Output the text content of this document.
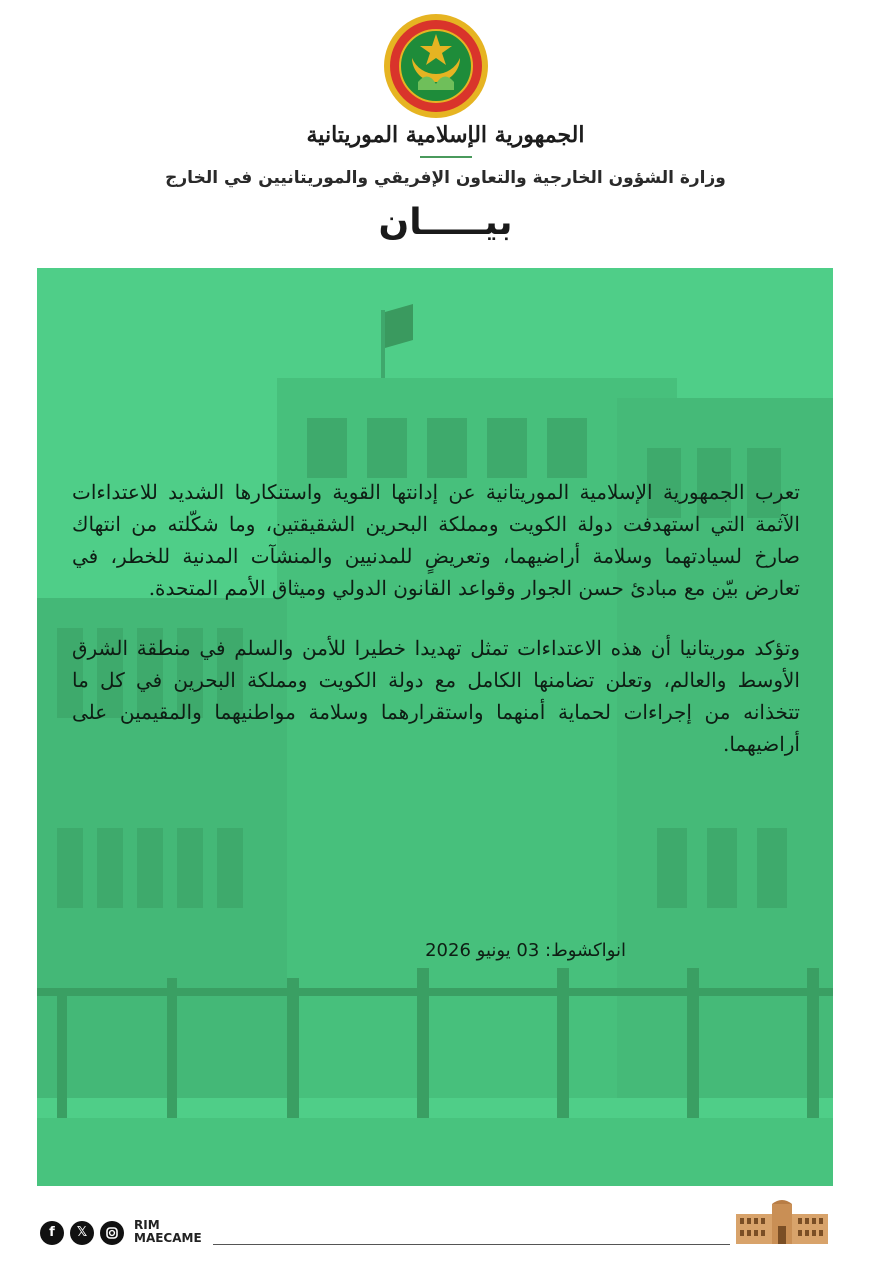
الجمهورية الإسلامية الموريتانية
وزارة الشؤون الخارجية والتعاون الإفريقي والموريتانيين في الخارج
بيـــــان

تعرب الجمهورية الإسلامية الموريتانية عن إدانتها القوية واستنكارها الشديد للاعتداءات الآثمة التي استهدفت دولة الكويت ومملكة البحرين الشقيقتين، وما شكّلته من انتهاك صارخ لسيادتهما وسلامة أراضيهما، وتعريضٍ للمدنيين والمنشآت المدنية للخطر، في تعارض بيّن مع مبادئ حسن الجوار وقواعد القانون الدولي وميثاق الأمم المتحدة.

وتؤكد موريتانيا أن هذه الاعتداءات تمثل تهديدا خطيرا للأمن والسلم في منطقة الشرق الأوسط والعالم، وتعلن تضامنها الكامل مع دولة الكويت ومملكة البحرين في كل ما تتخذانه من إجراءات لحماية أمنهما واستقرارهما وسلامة مواطنيهما والمقيمين على أراضيهما.

انواكشوط: 03 يونيو 2026
f	𝕏	RIM
MAECAME
